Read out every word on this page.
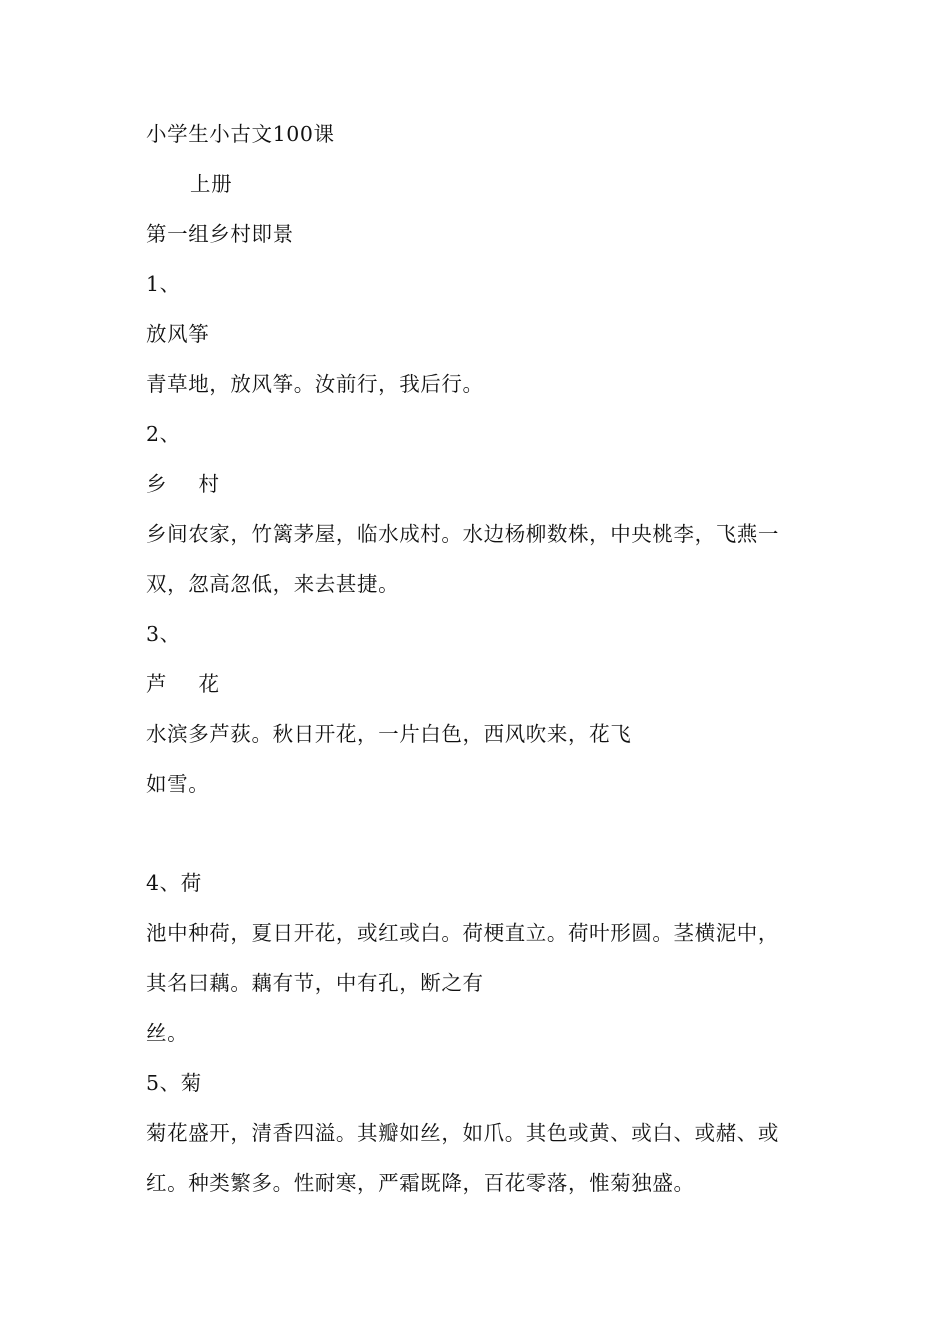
小学生小古文100课
上册
第一组乡村即景
1、
放风筝
青草地，放风筝。汝前行，我后行。
2、
乡 村
乡间农家，竹篱茅屋，临水成村。水边杨柳数株，中央桃李，飞燕一
双，忽高忽低，来去甚捷。
3、
芦 花
水滨多芦荻。秋日开花，一片白色，西风吹来，花飞
如雪。
4、荷
池中种荷，夏日开花，或红或白。荷梗直立。荷叶形圆。茎横泥中，
其名曰藕。藕有节，中有孔，断之有
丝。
5、菊
菊花盛开，清香四溢。其瓣如丝，如爪。其色或黄、或白、或赭、或
红。种类繁多。性耐寒，严霜既降，百花零落，惟菊独盛。
